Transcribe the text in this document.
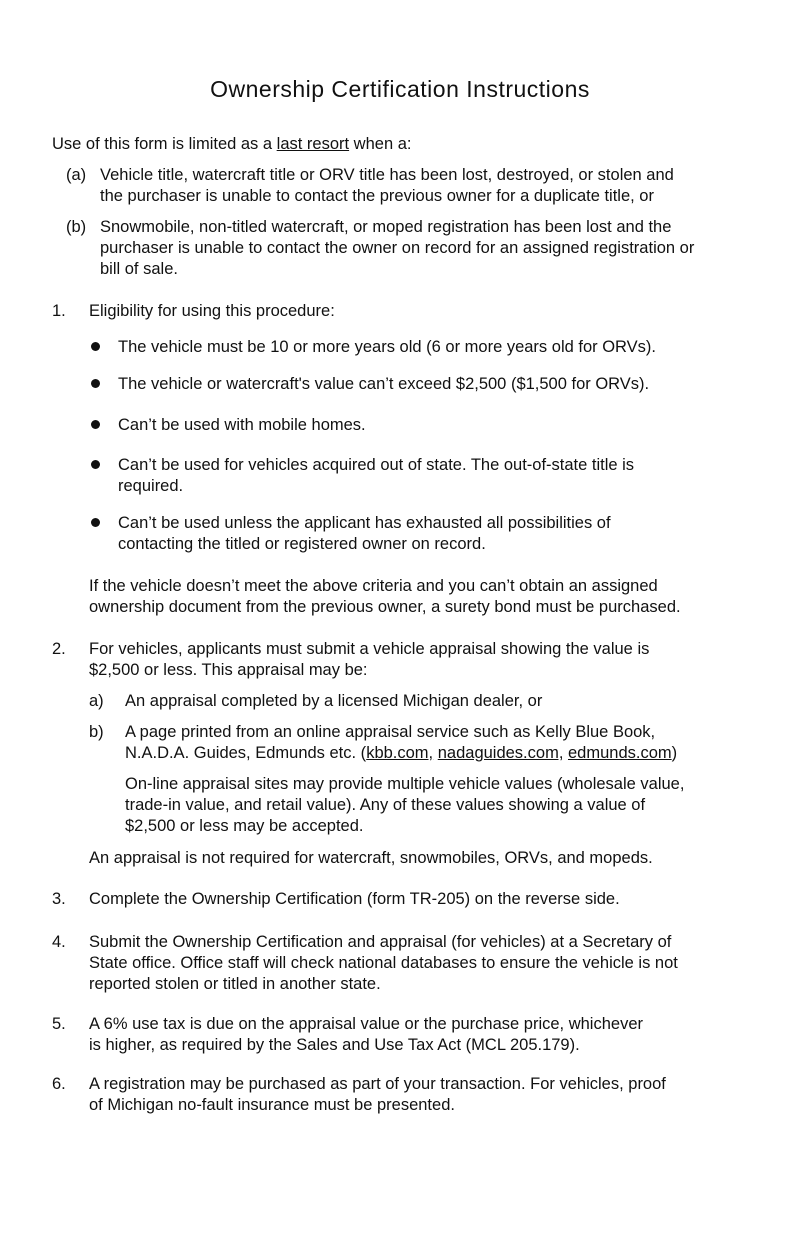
Ownership Certification Instructions
Use of this form is limited as a last resort when a:
(a) Vehicle title, watercraft title or ORV title has been lost, destroyed, or stolen and
the purchaser is unable to contact the previous owner for a duplicate title, or
(b) Snowmobile, non-titled watercraft, or moped registration has been lost and the
purchaser is unable to contact the owner on record for an assigned registration or
bill of sale.
1. Eligibility for using this procedure:
The vehicle must be 10 or more years old (6 or more years old for ORVs).
The vehicle or watercraft's value can’t exceed $2,500 ($1,500 for ORVs).
Can’t be used with mobile homes.
Can’t be used for vehicles acquired out of state. The out-of-state title is
required.
Can’t be used unless the applicant has exhausted all possibilities of
contacting the titled or registered owner on record.
If the vehicle doesn’t meet the above criteria and you can’t obtain an assigned
ownership document from the previous owner, a surety bond must be purchased.
2. For vehicles, applicants must submit a vehicle appraisal showing the value is
$2,500 or less. This appraisal may be:
a) An appraisal completed by a licensed Michigan dealer, or
b) A page printed from an online appraisal service such as Kelly Blue Book,
N.A.D.A. Guides, Edmunds etc. (kbb.com, nadaguides.com, edmunds.com)
On-line appraisal sites may provide multiple vehicle values (wholesale value,
trade-in value, and retail value). Any of these values showing a value of
$2,500 or less may be accepted.
An appraisal is not required for watercraft, snowmobiles, ORVs, and mopeds.
3. Complete the Ownership Certification (form TR-205) on the reverse side.
4. Submit the Ownership Certification and appraisal (for vehicles) at a Secretary of
State office. Office staff will check national databases to ensure the vehicle is not
reported stolen or titled in another state.
5. A 6% use tax is due on the appraisal value or the purchase price, whichever
is higher, as required by the Sales and Use Tax Act (MCL 205.179).
6. A registration may be purchased as part of your transaction. For vehicles, proof
of Michigan no-fault insurance must be presented.
